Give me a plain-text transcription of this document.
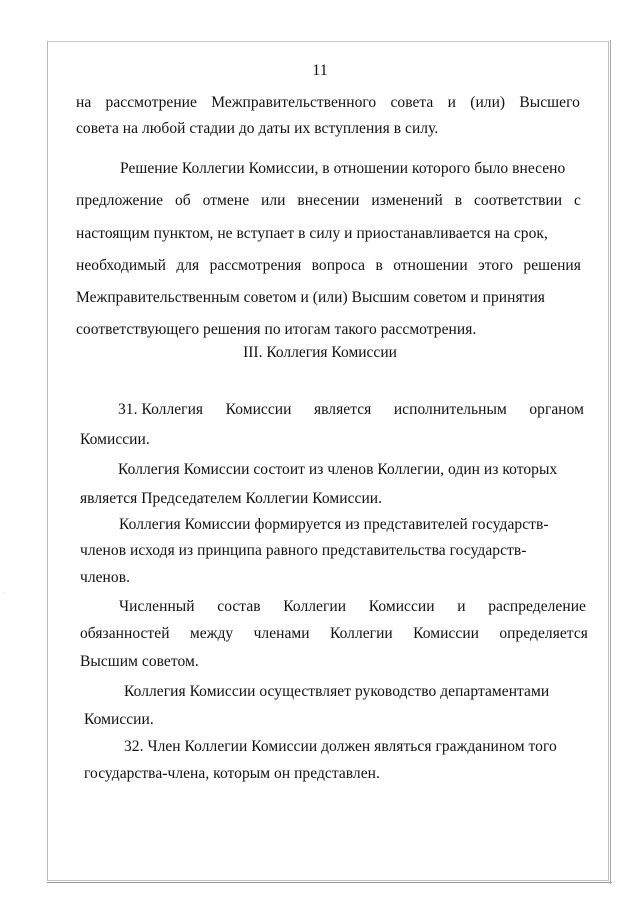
·
11
на рассмотрение Межправительственного совета и (или) Высшего
совета на любой стадии до даты их вступления в силу.
Решение Коллегии Комиссии, в отношении которого было внесено
предложение об отмене или внесении изменений в соответствии с
настоящим пунктом, не вступает в силу и приостанавливается на срок,
необходимый для рассмотрения вопроса в отношении этого решения
Межправительственным советом и (или) Высшим советом и принятия
соответствующего решения по итогам такого рассмотрения.
III. Коллегия Комиссии
31. Коллегия Комиссии является исполнительным органом
Комиссии.
Коллегия Комиссии состоит из членов Коллегии, один из которых
является Председателем Коллегии Комиссии.
Коллегия Комиссии формируется из представителей государств-
членов исходя из принципа равного представительства государств-
членов.
Численный состав Коллегии Комиссии и распределение
обязанностей между членами Коллегии Комиссии определяется
Высшим советом.
Коллегия Комиссии осуществляет руководство департаментами
Комиссии.
32. Член Коллегии Комиссии должен являться гражданином того
государства-члена, которым он представлен.
